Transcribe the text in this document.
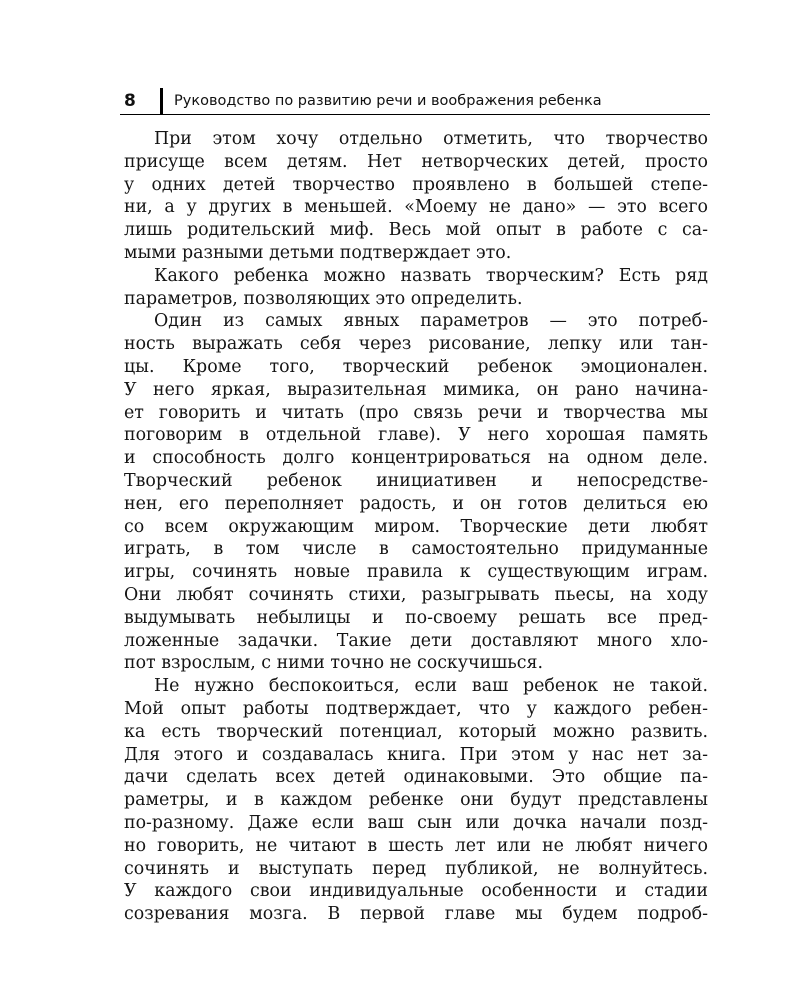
8	Руководство по развитию речи и воображения ребенка
При этом хочу отдельно отметить, что творчество
присуще всем детям. Нет нетворческих детей, просто
у одних детей творчество проявлено в большей степе-
ни, а у других в меньшей. «Моему не дано» — это всего
лишь родительский миф. Весь мой опыт в работе с са-
мыми разными детьми подтверждает это.
Какого ребенка можно назвать творческим? Есть ряд
параметров, позволяющих это определить.
Один из самых явных параметров — это потреб-
ность выражать себя через рисование, лепку или тан-
цы. Кроме того, творческий ребенок эмоционален.
У него яркая, выразительная мимика, он рано начина-
ет говорить и читать (про связь речи и творчества мы
поговорим в отдельной главе). У него хорошая память
и способность долго концентрироваться на одном деле.
Творческий ребенок инициативен и непосредстве-
нен, его переполняет радость, и он готов делиться ею
со всем окружающим миром. Творческие дети любят
играть, в том числе в самостоятельно придуманные
игры, сочинять новые правила к существующим играм.
Они любят сочинять стихи, разыгрывать пьесы, на ходу
выдумывать небылицы и по-своему решать все пред-
ложенные задачки. Такие дети доставляют много хло-
пот взрослым, с ними точно не соскучишься.
Не нужно беспокоиться, если ваш ребенок не такой.
Мой опыт работы подтверждает, что у каждого ребен-
ка есть творческий потенциал, который можно развить.
Для этого и создавалась книга. При этом у нас нет за-
дачи сделать всех детей одинаковыми. Это общие па-
раметры, и в каждом ребенке они будут представлены
по-разному. Даже если ваш сын или дочка начали позд-
но говорить, не читают в шесть лет или не любят ничего
сочинять и выступать перед публикой, не волнуйтесь.
У каждого свои индивидуальные особенности и стадии
созревания мозга. В первой главе мы будем подроб-
